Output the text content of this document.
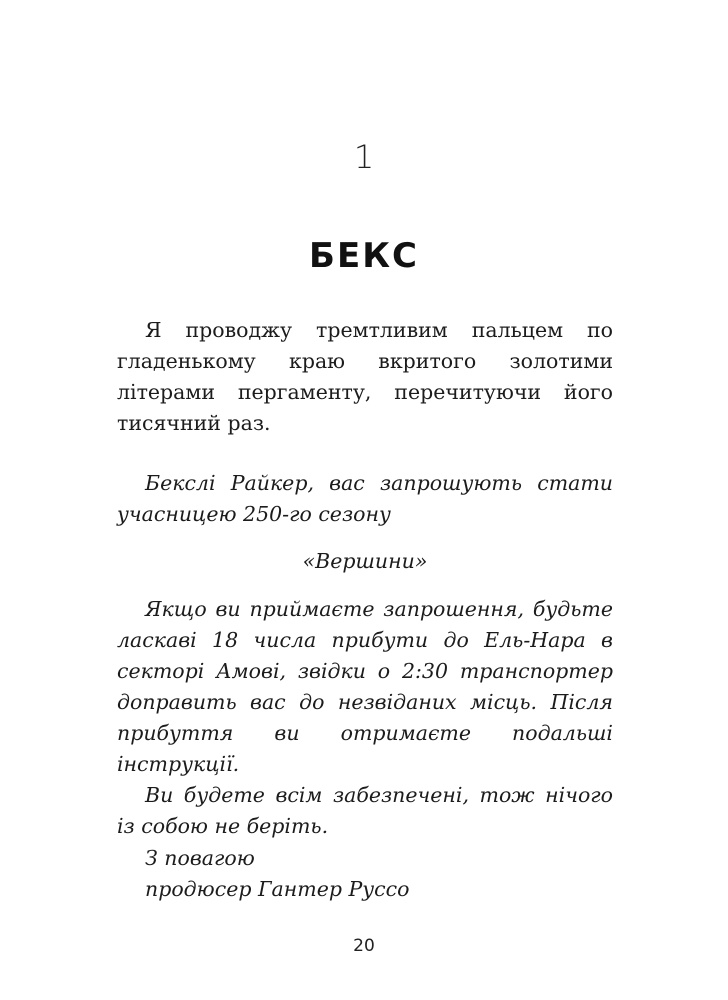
1
БЕКС

Я проводжу тремтливим пальцем по гладенькому краю вкритого золотими літерами пергаменту, перечитуючи його тисячний раз.

Бекслі Райкер, вас запрошують стати учасницею 250-го сезону

«Вершини»

Якщо ви приймаєте запрошення, будьте ласкаві 18 числа прибути до Ель-Нара в секторі Амові, звідки о 2:30 транспортер доправить вас до незвіданих місць. Після прибуття ви отримаєте подальші інструкції.

Ви будете всім забезпечені, тож нічого із собою не беріть.

З повагою

продюсер Гантер Руссо

20
